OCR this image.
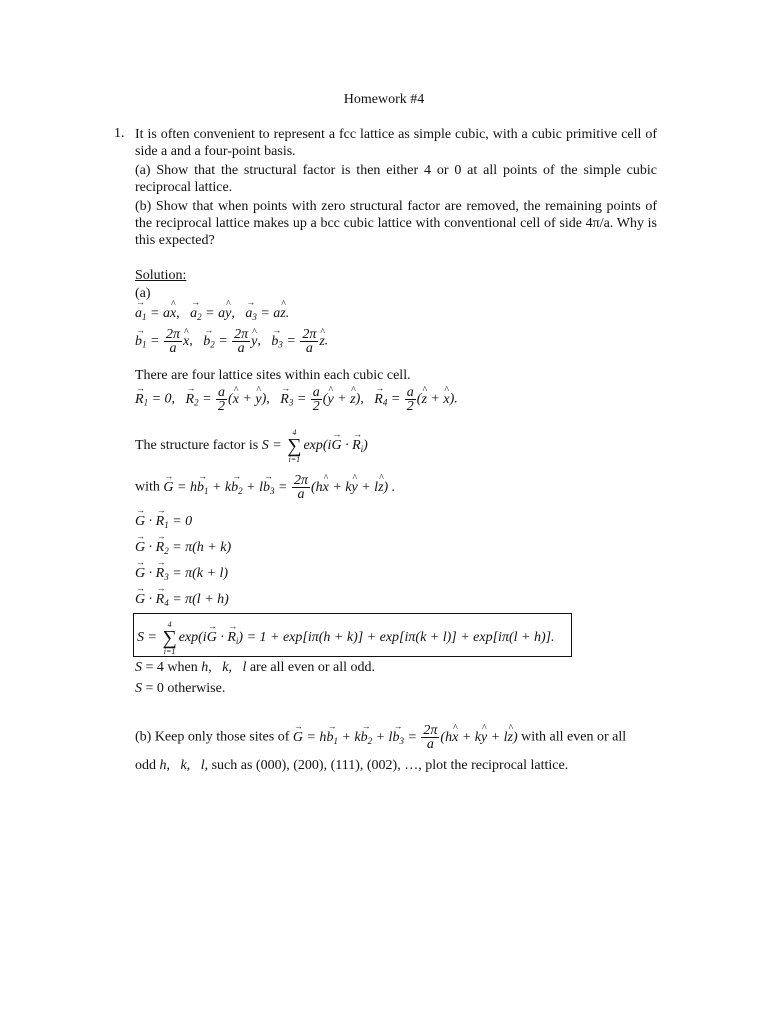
Homework #4
1. It is often convenient to represent a fcc lattice as simple cubic, with a cubic primitive cell of side a and a four-point basis.
(a) Show that the structural factor is then either 4 or 0 at all points of the simple cubic reciprocal lattice.
(b) Show that when points with zero structural factor are removed, the remaining points of the reciprocal lattice makes up a bcc cubic lattice with conventional cell of side 4π/a. Why is this expected?
Solution:
(a)
→ $a_1$ = a^ x,   → $a_2$ = a^ y,   → $a_3$ = a^ z.
→ $b_1 = \frac{2\pi}{a}$ ^ x,   → $b_2 = \frac{2\pi}{a}$ ^ y,   → $b_3 = \frac{2\pi}{a}$ ^ z.
There are four lattice sites within each cubic cell.
→ $R_1 = 0$,   → $R_2 = \frac{a}{2}$ (^ x + ^ y),   → $R_3 = \frac{a}{2}$ (^ y + ^ z),   → $R_4 = \frac{a}{2}$ (^ z + ^ x).
The structure factor is S =
4
∑
i=1
exp(i→ G · → $R_i$)
with → $G = h\to b_1 + k\to b_2 + l\to b_3 = \frac{2\pi}{a}$ (h^ x + k^ y + l^ z) .
→ G · → $R_1 = 0$
→ G · → $R_2 = \pi(h + k)$
→ G · → $R_3 = \pi(k + l)$
→ G · → $R_4 = \pi(l + h)$
S =
4
∑
i=1
exp(i→ G · → $R_i) = 1 + \exp[i\pi(h + k)] + \exp[i\pi(k + l)] + \exp[i\pi(l + h)]$.
S = 4 when h,   k,   l are all even or all odd.
S = 0 otherwise.
(b) Keep only those sites of → $G = h\to b_1 + k\to b_2 + l\to b_3 = \frac{2\pi}{a}$ (h^ x + k^ y + l^ z) with all even or all
odd h,   k,   l, such as (000), (200), (111), (002), …, plot the reciprocal lattice.
